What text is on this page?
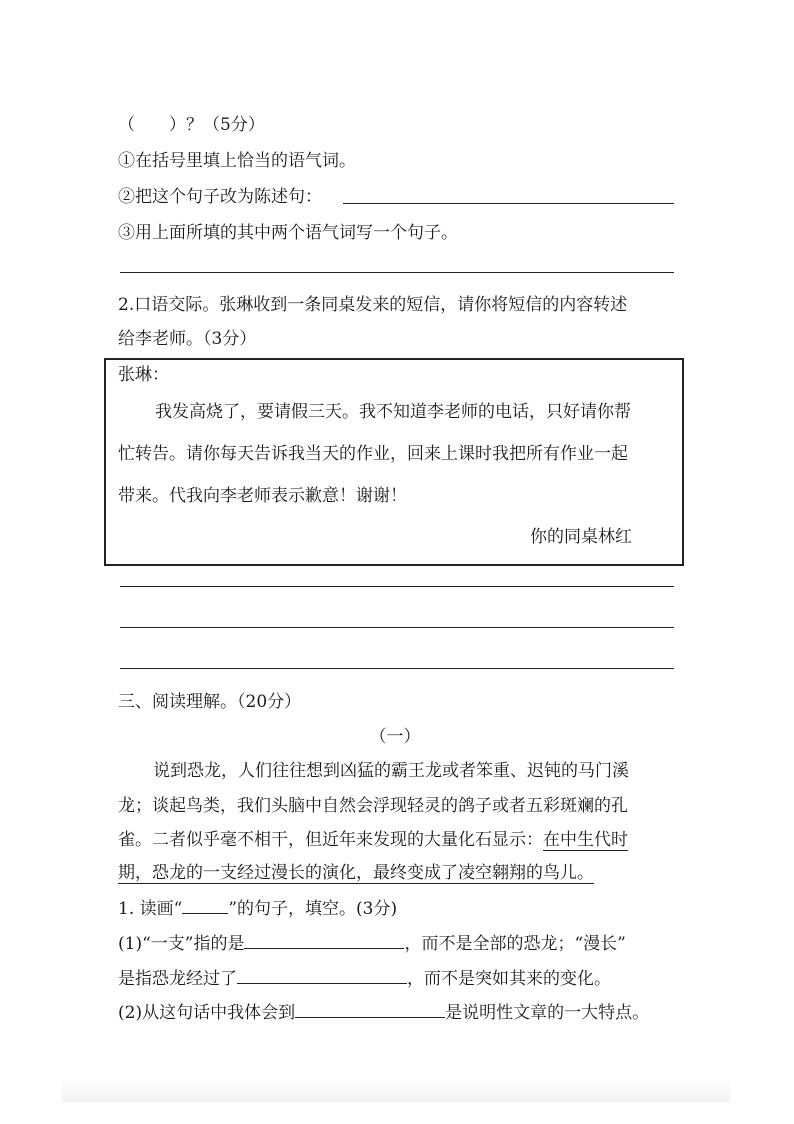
（　　）？（5分）
①在括号里填上恰当的语气词。
②把这个句子改为陈述句：
③用上面所填的其中两个语气词写一个句子。
2.口语交际。张琳收到一条同桌发来的短信，请你将短信的内容转述
给李老师。（3分）
张琳：
我发高烧了，要请假三天。我不知道李老师的电话，只好请你帮
忙转告。请你每天告诉我当天的作业，回来上课时我把所有作业一起
带来。代我向李老师表示歉意！谢谢！
你的同桌林红
三、阅读理解。（20分）
（一）
说到恐龙，人们往往想到凶猛的霸王龙或者笨重、迟钝的马门溪
龙；谈起鸟类，我们头脑中自然会浮现轻灵的鸽子或者五彩斑斓的孔
雀。二者似乎毫不相干，但近年来发现的大量化石显示：在中生代时
期，恐龙的一支经过漫长的演化，最终变成了凌空翱翔的鸟儿。
1. 读画“	”的句子，填空。(3分)
(1)“一支”指的是	，而不是全部的恐龙；“漫长”
是指恐龙经过了	，而不是突如其来的变化。
(2)从这句话中我体会到	是说明性文章的一大特点。
